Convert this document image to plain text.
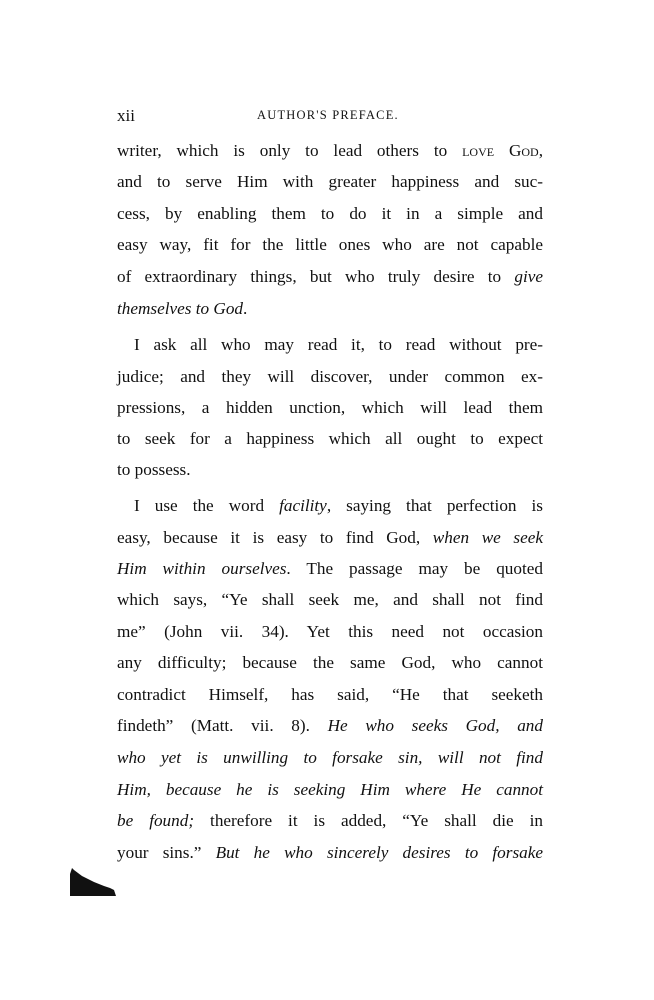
xii	AUTHOR'S PREFACE.
writer, which is only to lead others to love God,
and to serve Him with greater happiness and suc-
cess, by enabling them to do it in a simple and
easy way, fit for the little ones who are not capable
of extraordinary things, but who truly desire to give
themselves to God.
I ask all who may read it, to read without pre-
judice; and they will discover, under common ex-
pressions, a hidden unction, which will lead them
to seek for a happiness which all ought to expect
to possess.
I use the word facility, saying that perfection is
easy, because it is easy to find God, when we seek
Him within ourselves. The passage may be quoted
which says, “Ye shall seek me, and shall not find
me” (John vii. 34). Yet this need not occasion
any difficulty; because the same God, who cannot
contradict Himself, has said, “He that seeketh
findeth” (Matt. vii. 8). He who seeks God, and
who yet is unwilling to forsake sin, will not find
Him, because he is seeking Him where He cannot
be found; therefore it is added, “Ye shall die in
your sins.” But he who sincerely desires to forsake
